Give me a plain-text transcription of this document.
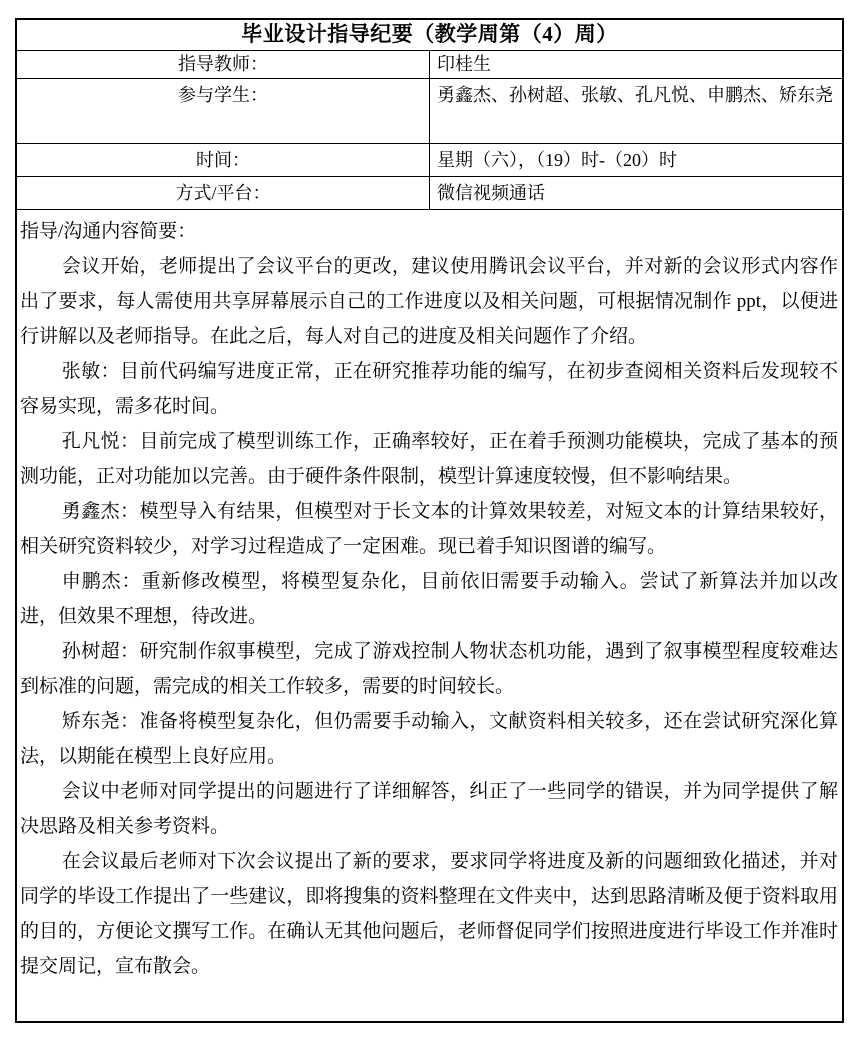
毕业设计指导纪要（教学周第（4）周）
指导教师：	印桂生
参与学生：	勇鑫杰、孙树超、张敏、孔凡悦、申鹏杰、矫东尧
时间：	星期（六），（19）时-（20）时
方式/平台：	微信视频通话

指导/沟通内容简要：

会议开始，老师提出了会议平台的更改，建议使用腾讯会议平台，并对新的会议形式内容作出了要求，每人需使用共享屏幕展示自己的工作进度以及相关问题，可根据情况制作 ppt，以便进行讲解以及老师指导。在此之后，每人对自己的进度及相关问题作了介绍。

张敏：目前代码编写进度正常，正在研究推荐功能的编写，在初步查阅相关资料后发现较不容易实现，需多花时间。

孔凡悦：目前完成了模型训练工作，正确率较好，正在着手预测功能模块，完成了基本的预测功能，正对功能加以完善。由于硬件条件限制，模型计算速度较慢，但不影响结果。

勇鑫杰：模型导入有结果，但模型对于长文本的计算效果较差，对短文本的计算结果较好，相关研究资料较少，对学习过程造成了一定困难。现已着手知识图谱的编写。

申鹏杰：重新修改模型，将模型复杂化，目前依旧需要手动输入。尝试了新算法并加以改进，但效果不理想，待改进。

孙树超：研究制作叙事模型，完成了游戏控制人物状态机功能，遇到了叙事模型程度较难达到标准的问题，需完成的相关工作较多，需要的时间较长。

矫东尧：准备将模型复杂化，但仍需要手动输入，文献资料相关较多，还在尝试研究深化算法，以期能在模型上良好应用。

会议中老师对同学提出的问题进行了详细解答，纠正了一些同学的错误，并为同学提供了解决思路及相关参考资料。

在会议最后老师对下次会议提出了新的要求，要求同学将进度及新的问题细致化描述，并对同学的毕设工作提出了一些建议，即将搜集的资料整理在文件夹中，达到思路清晰及便于资料取用的目的，方便论文撰写工作。在确认无其他问题后，老师督促同学们按照进度进行毕设工作并准时提交周记，宣布散会。
